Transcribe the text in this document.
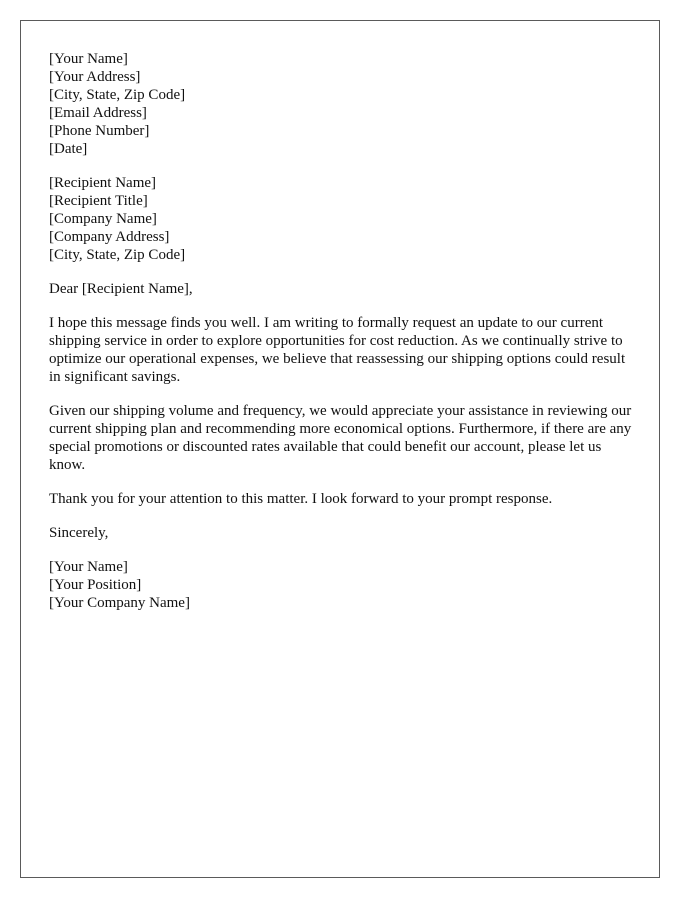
[Your Name]
[Your Address]
[City, State, Zip Code]
[Email Address]
[Phone Number]
[Date]
[Recipient Name]
[Recipient Title]
[Company Name]
[Company Address]
[City, State, Zip Code]

Dear [Recipient Name],

I hope this message finds you well. I am writing to formally request an update to our current shipping service in order to explore opportunities for cost reduction. As we continually strive to optimize our operational expenses, we believe that reassessing our shipping options could result in significant savings.

Given our shipping volume and frequency, we would appreciate your assistance in reviewing our current shipping plan and recommending more economical options. Furthermore, if there are any special promotions or discounted rates available that could benefit our account, please let us know.

Thank you for your attention to this matter. I look forward to your prompt response.

Sincerely,

[Your Name]
[Your Position]
[Your Company Name]
